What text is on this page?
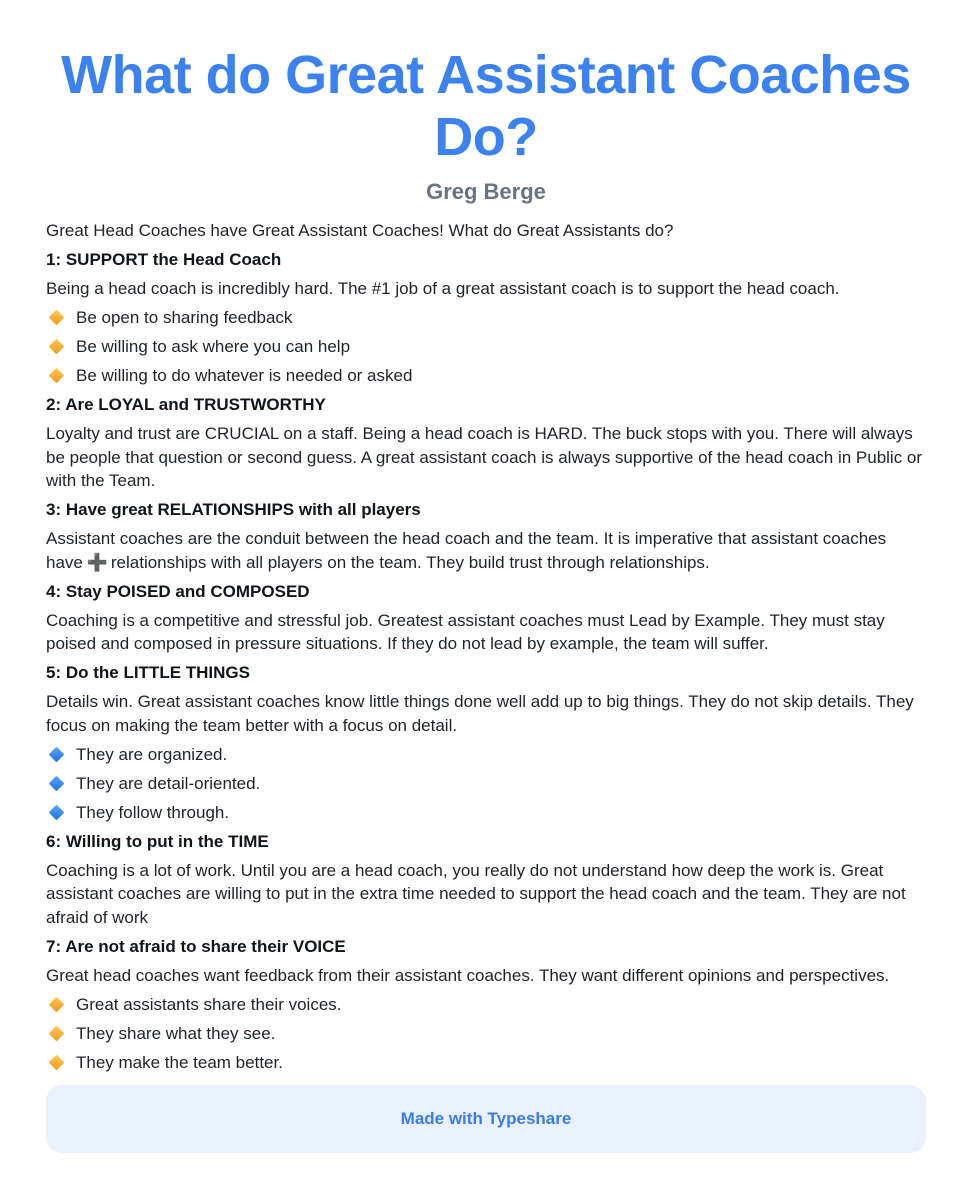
What do Great Assistant Coaches Do?
Greg Berge

Great Head Coaches have Great Assistant Coaches! What do Great Assistants do?

1: SUPPORT the Head Coach

Being a head coach is incredibly hard. The #1 job of a great assistant coach is to support the head coach.

Be open to sharing feedback
Be willing to ask where you can help
Be willing to do whatever is needed or asked
2: Are LOYAL and TRUSTWORTHY

Loyalty and trust are CRUCIAL on a staff. Being a head coach is HARD. The buck stops with you. There will always be people that question or second guess. A great assistant coach is always supportive of the head coach in Public or with the Team.

3: Have great RELATIONSHIPS with all players

Assistant coaches are the conduit between the head coach and the team. It is imperative that assistant coaches have ➕ relationships with all players on the team. They build trust through relationships.

4: Stay POISED and COMPOSED

Coaching is a competitive and stressful job. Greatest assistant coaches must Lead by Example. They must stay poised and composed in pressure situations. If they do not lead by example, the team will suffer.

5: Do the LITTLE THINGS

Details win. Great assistant coaches know little things done well add up to big things. They do not skip details. They focus on making the team better with a focus on detail.

They are organized.
They are detail-oriented.
They follow through.
6: Willing to put in the TIME

Coaching is a lot of work. Until you are a head coach, you really do not understand how deep the work is. Great assistant coaches are willing to put in the extra time needed to support the head coach and the team. They are not afraid of work

7: Are not afraid to share their VOICE

Great head coaches want feedback from their assistant coaches. They want different opinions and perspectives.

Great assistants share their voices.
They share what they see.
They make the team better.
Made with Typeshare
